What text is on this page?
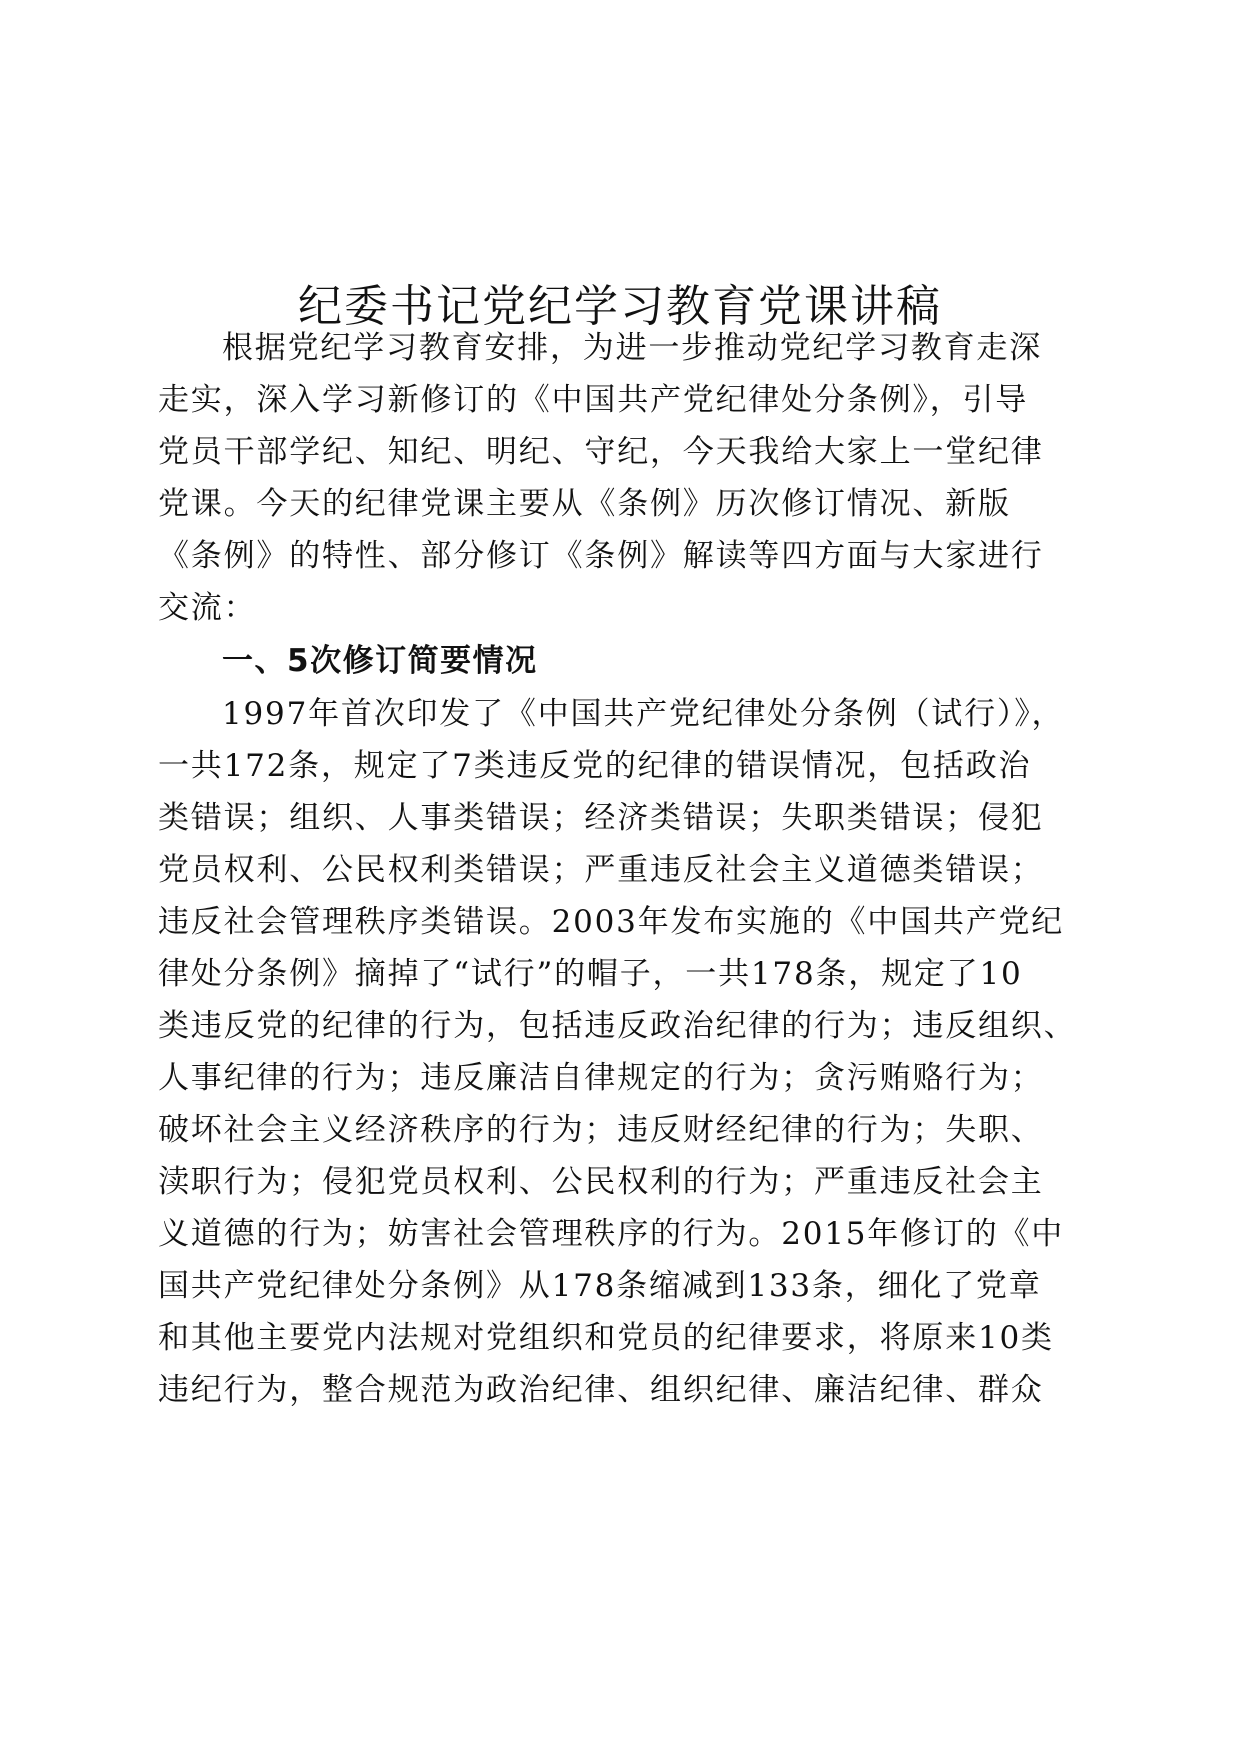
纪委书记党纪学习教育党课讲稿
根据党纪学习教育安排，为进一步推动党纪学习教育走深
走实，深入学习新修订的《中国共产党纪律处分条例》，引导
党员干部学纪、知纪、明纪、守纪，今天我给大家上一堂纪律
党课。今天的纪律党课主要从《条例》历次修订情况、新版
《条例》的特性、部分修订《条例》解读等四方面与大家进行
交流：
一、5次修订简要情况
1997年首次印发了《中国共产党纪律处分条例（试行）》，
一共172条，规定了7类违反党的纪律的错误情况，包括政治
类错误；组织、人事类错误；经济类错误；失职类错误；侵犯
党员权利、公民权利类错误；严重违反社会主义道德类错误；
违反社会管理秩序类错误。2003年发布实施的《中国共产党纪
律处分条例》摘掉了“试行”的帽子，一共178条，规定了10
类违反党的纪律的行为，包括违反政治纪律的行为；违反组织、
人事纪律的行为；违反廉洁自律规定的行为；贪污贿赂行为；
破坏社会主义经济秩序的行为；违反财经纪律的行为；失职、
渎职行为；侵犯党员权利、公民权利的行为；严重违反社会主
义道德的行为；妨害社会管理秩序的行为。2015年修订的《中
国共产党纪律处分条例》从178条缩减到133条，细化了党章
和其他主要党内法规对党组织和党员的纪律要求，将原来10类
违纪行为，整合规范为政治纪律、组织纪律、廉洁纪律、群众
